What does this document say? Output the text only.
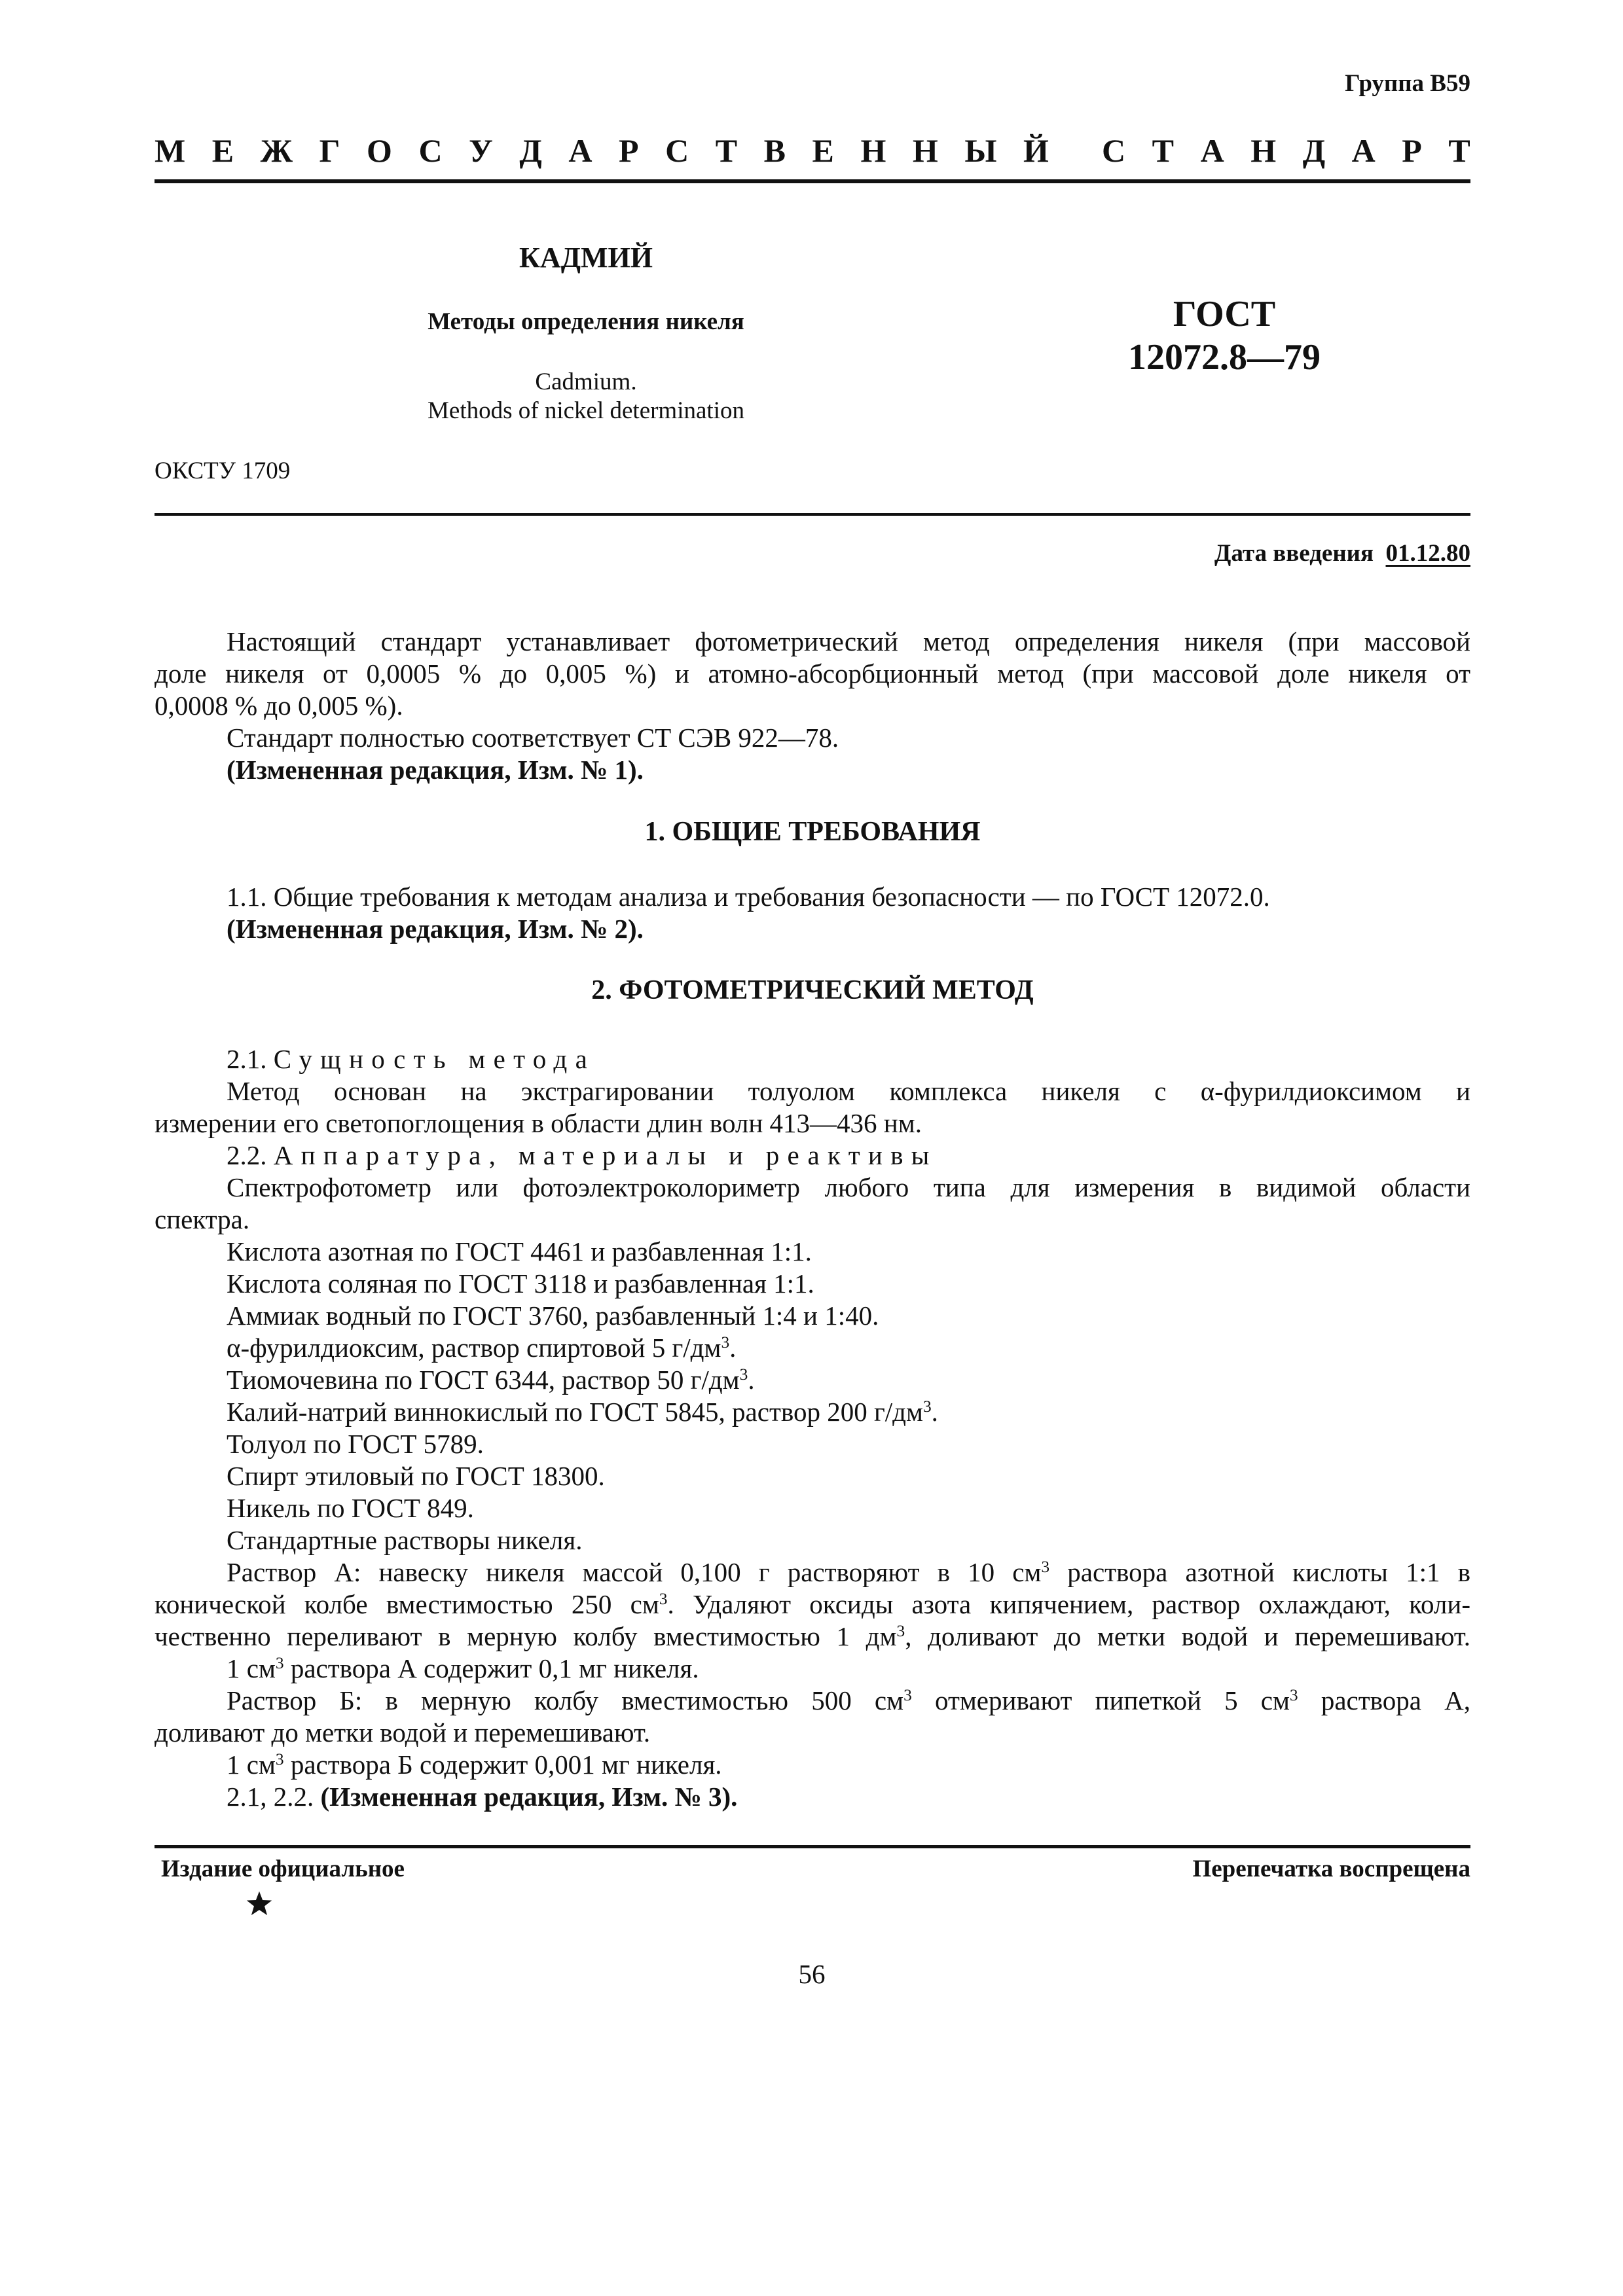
Группа В59
М Е Ж Г О С У Д А Р С Т В Е Н Н Ы Й С Т А Н Д А Р Т
КАДМИЙ
Методы определения никеля
Cadmium.
Methods of nickel determination
ГОСТ
12072.8—79
ОКСТУ 1709
Дата введения 01.12.80
Настоящий стандарт устанавливает фотометрический метод определения никеля (при массовой
доле никеля от 0,0005 % до 0,005 %) и атомно-абсорбционный метод (при массовой доле никеля от
0,0008 % до 0,005 %).
Стандарт полностью соответствует СТ СЭВ 922—78.
(Измененная редакция, Изм. № 1).
1. ОБЩИЕ ТРЕБОВАНИЯ
1.1. Общие требования к методам анализа и требования безопасности — по ГОСТ 12072.0.
(Измененная редакция, Изм. № 2).
2. ФОТОМЕТРИЧЕСКИЙ МЕТОД
2.1. Сущность метода
Метод основан на экстрагировании толуолом комплекса никеля с α-фурилдиоксимом и
измерении его светопоглощения в области длин волн 413—436 нм.
2.2. Аппаратура, материалы и реактивы
Спектрофотометр или фотоэлектроколориметр любого типа для измерения в видимой области
спектра.
Кислота азотная по ГОСТ 4461 и разбавленная 1:1.
Кислота соляная по ГОСТ 3118 и разбавленная 1:1.
Аммиак водный по ГОСТ 3760, разбавленный 1:4 и 1:40.
α-фурилдиоксим, раствор спиртовой 5 $г/дм^3$.
Тиомочевина по ГОСТ 6344, раствор 50 $г/дм^3$.
Калий-натрий виннокислый по ГОСТ 5845, раствор 200 $г/дм^3$.
Толуол по ГОСТ 5789.
Спирт этиловый по ГОСТ 18300.
Никель по ГОСТ 849.
Стандартные растворы никеля.
Раствор А: навеску никеля массой 0,100 г растворяют в 10 $см^3$ раствора азотной кислоты 1:1 в
конической колбе вместимостью 250 $см^3$. Удаляют оксиды азота кипячением, раствор охлаждают, коли-
чественно переливают в мерную колбу вместимостью 1 $дм^3$, доливают до метки водой и перемешивают.
1 $см^3$ раствора А содержит 0,1 мг никеля.
Раствор Б: в мерную колбу вместимостью 500 $см^3$ отмеривают пипеткой 5 $см^3$ раствора А,
доливают до метки водой и перемешивают.
1 $см^3$ раствора Б содержит 0,001 мг никеля.
2.1, 2.2. (Измененная редакция, Изм. № 3).
Издание официальное	Перепечатка воспрещена
56
